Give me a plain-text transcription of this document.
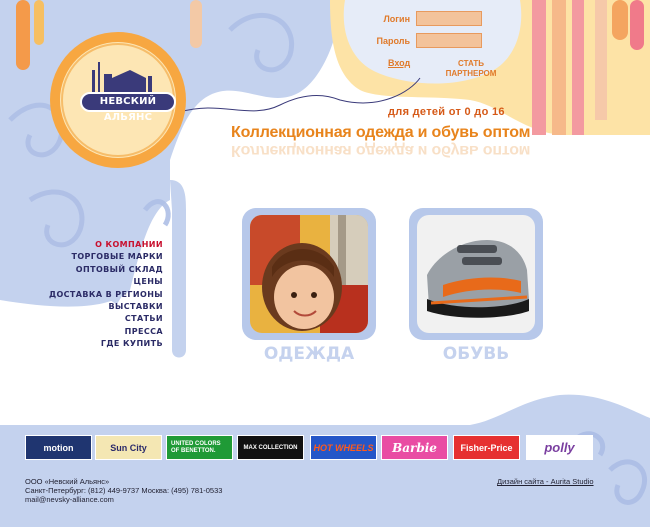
НЕВСКИЙ АЛЬЯНС
Логин
Пароль
Вход	СТАТЬ
ПАРТНЕРОМ
для детей от 0 до 16
Коллекционная одежда и обувь оптом
Коллекционная одежда и обувь оптом
О КОМПАНИИ
ТОРГОВЫЕ МАРКИ
ОПТОВЫЙ СКЛАД
ЦЕНЫ
ДОСТАВКА В РЕГИОНЫ
ВЫСТАВКИ
СТАТЬИ
ПРЕССА
ГДЕ КУПИТЬ
ОДЕЖДА	ОБУВЬ
motion	Sun City	UNITED COLORS OF BENETTON.	MAX COLLECTION HOT WHEELS Barbie	Fisher-Price polly
ООО «Невский Альянс»
Санкт-Петербург: (812) 449-9737 Москва: (495) 781-0533
mail@nevsky-alliance.com
Дизайн сайта - Aurita Studio
